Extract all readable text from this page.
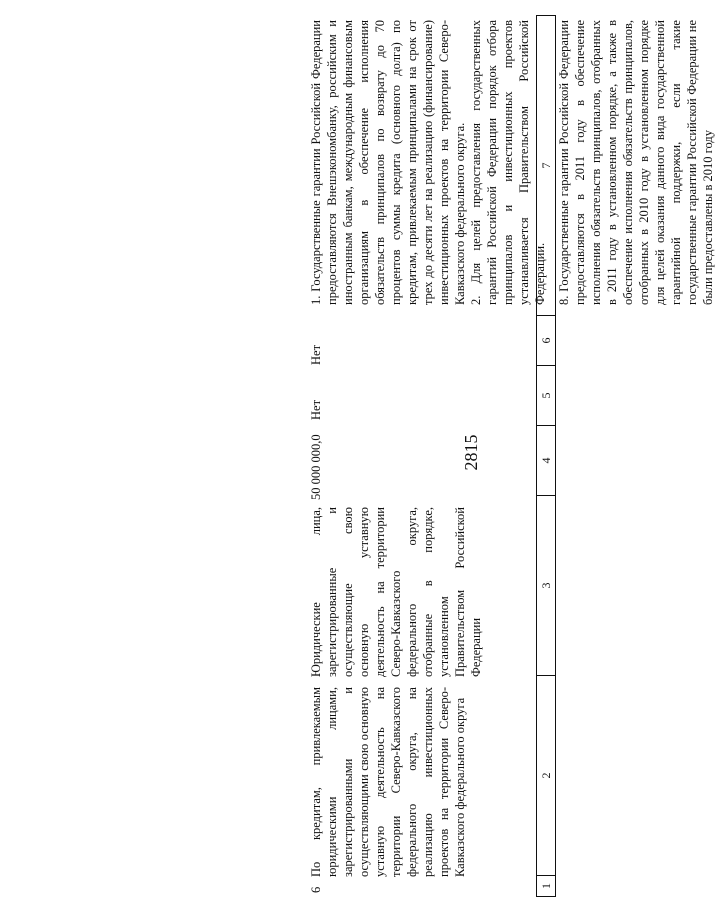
2815
1
2
3
4
5
6
7 8. Государственные гарантии Российской Федерации предоставляются в 2011 году в обеспечение исполнения обязательств принципалов, отобранных в 2011 году в установленном порядке, а также в обеспечение исполнения обязательств принципалов, отобранных в 2010 году в установленном порядке для целей оказания данного вида государственной гарантийной поддержки, если такие государственные гарантии Российской Федерации не были предоставлены в 2010 году
6
По кредитам, привлекаемым юридическими лицами, зарегистрированными и осуществляющими свою основную уставную деятельность на территории Северо-Кавказского федерального округа, на реализацию инвестиционных проектов на территории Северо-Кавказского федерального округа
Юридические лица, зарегистрированные и осуществляющие свою основную уставную деятельность на территории Северо-Кавказского федерального округа, отобранные в порядке, установленном Правительством Российской Федерации
50 000 000,0
Нет
Нет
1. Государственные гарантии Российской Федерации предоставляются Внешэкономбанку, российским и иностранным банкам, международным финансовым организациям в обеспечение исполнения обязательств принципалов по возврату до 70 процентов суммы кредита (основного долга) по кредитам, привлекаемым принципалами на срок от трех до десяти лет на реализацию (финансирование) инвестиционных проектов на территории Северо-Кавказского федерального округа. 2. Для целей предоставления государственных гарантий Российской Федерации порядок отбора принципалов и инвестиционных проектов устанавливается Правительством Российской Федерации.
